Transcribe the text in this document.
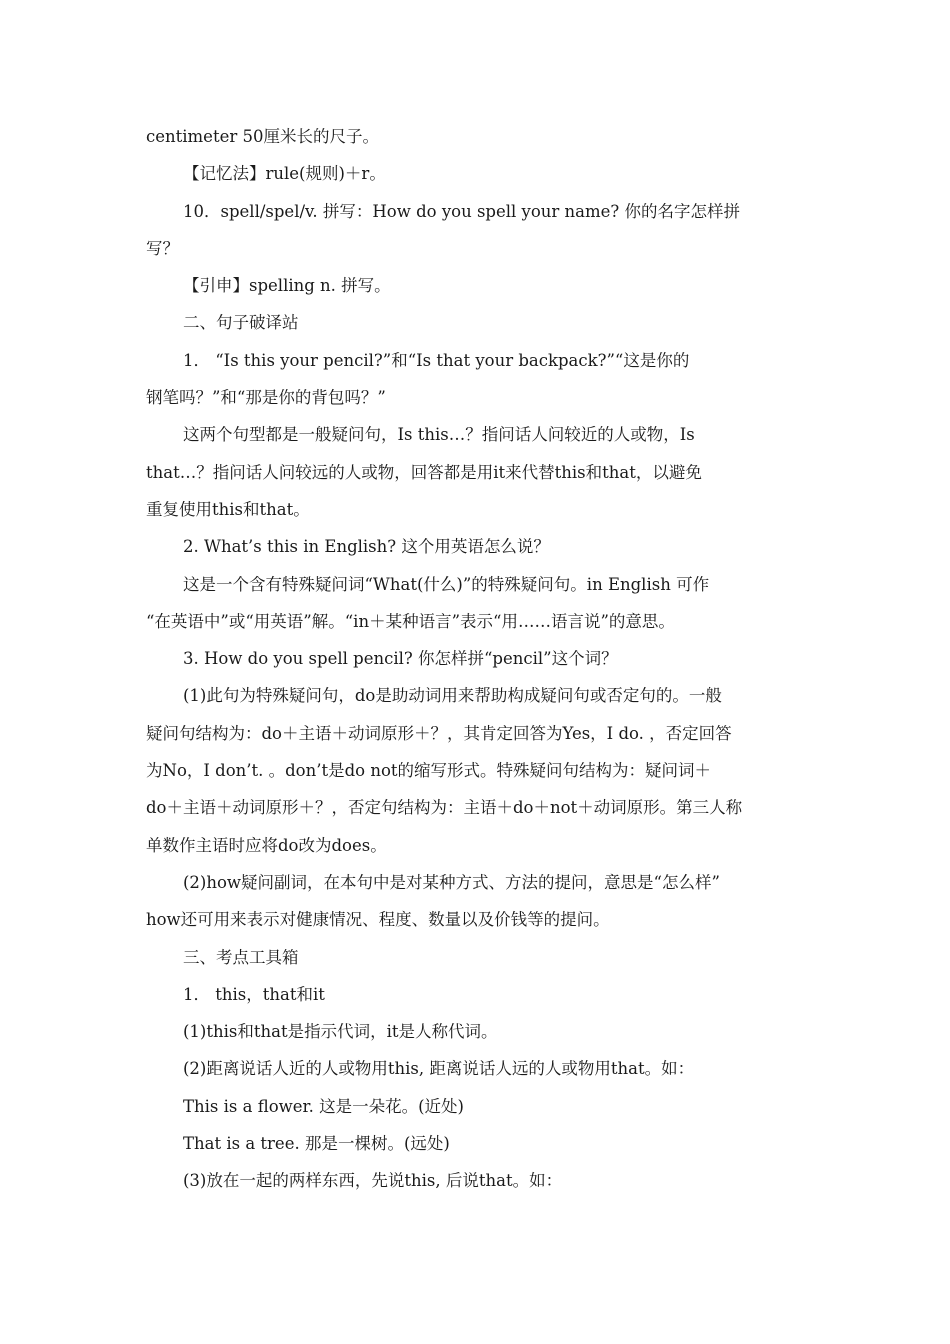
centimeter 50厘米长的尺子。
【记忆法】rule(规则)＋r。
10．spell/spel/v. 拼写：How do you spell your name? 你的名字怎样拼
写？
【引申】spelling n. 拼写。
二、句子破译站
1． “Is this your pencil?”和“Is that your backpack?”“这是你的
钢笔吗？”和“那是你的背包吗？”
这两个句型都是一般疑问句，Is this…？指问话人问较近的人或物，Is
that…？指问话人问较远的人或物，回答都是用it来代替this和that，以避免
重复使用this和that。
2. What’s this in English? 这个用英语怎么说？
这是一个含有特殊疑问词“What(什么)”的特殊疑问句。in English 可作
“在英语中”或“用英语”解。“in＋某种语言”表示“用……语言说”的意思。
3. How do you spell pencil? 你怎样拼“pencil”这个词？
(1)此句为特殊疑问句，do是助动词用来帮助构成疑问句或否定句的。一般
疑问句结构为：do＋主语＋动词原形＋？，其肯定回答为Yes，I do. ，否定回答
为No，I don’t. 。don’t是do not的缩写形式。特殊疑问句结构为：疑问词＋
do＋主语＋动词原形＋？，否定句结构为：主语＋do＋not＋动词原形。第三人称
单数作主语时应将do改为does。
(2)how疑问副词，在本句中是对某种方式、方法的提问，意思是“怎么样”
how还可用来表示对健康情况、程度、数量以及价钱等的提问。
三、考点工具箱
1． this，that和it
(1)this和that是指示代词，it是人称代词。
(2)距离说话人近的人或物用this, 距离说话人远的人或物用that。如：
This is a flower. 这是一朵花。(近处)
That is a tree. 那是一棵树。(远处)
(3)放在一起的两样东西，先说this, 后说that。如：
